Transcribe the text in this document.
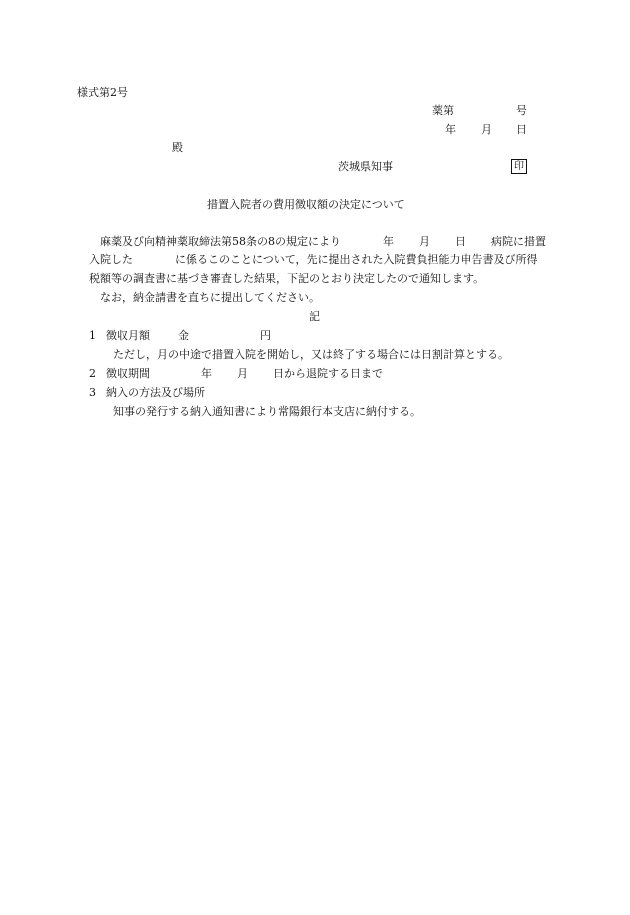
様式第2号
薬第	号
年 月 日
殿
茨城県知事	印
措置入院者の費用徴収額の決定について
麻薬及び向精神薬取締法第58条の8の規定により	年 月 日 病院に措置
入院した	に係るこのことについて，先に提出された入院費負担能力申告書及び所得
税額等の調査書に基づき審査した結果，下記のとおり決定したので通知します。
なお，納金請書を直ちに提出してください。
記
1 徴収月額	金	円
ただし，月の中途で措置入院を開始し，又は終了する場合には日割計算とする。
2 徴収期間	年 月 日から退院する日まで
3 納入の方法及び場所
知事の発行する納入通知書により常陽銀行本支店に納付する。
